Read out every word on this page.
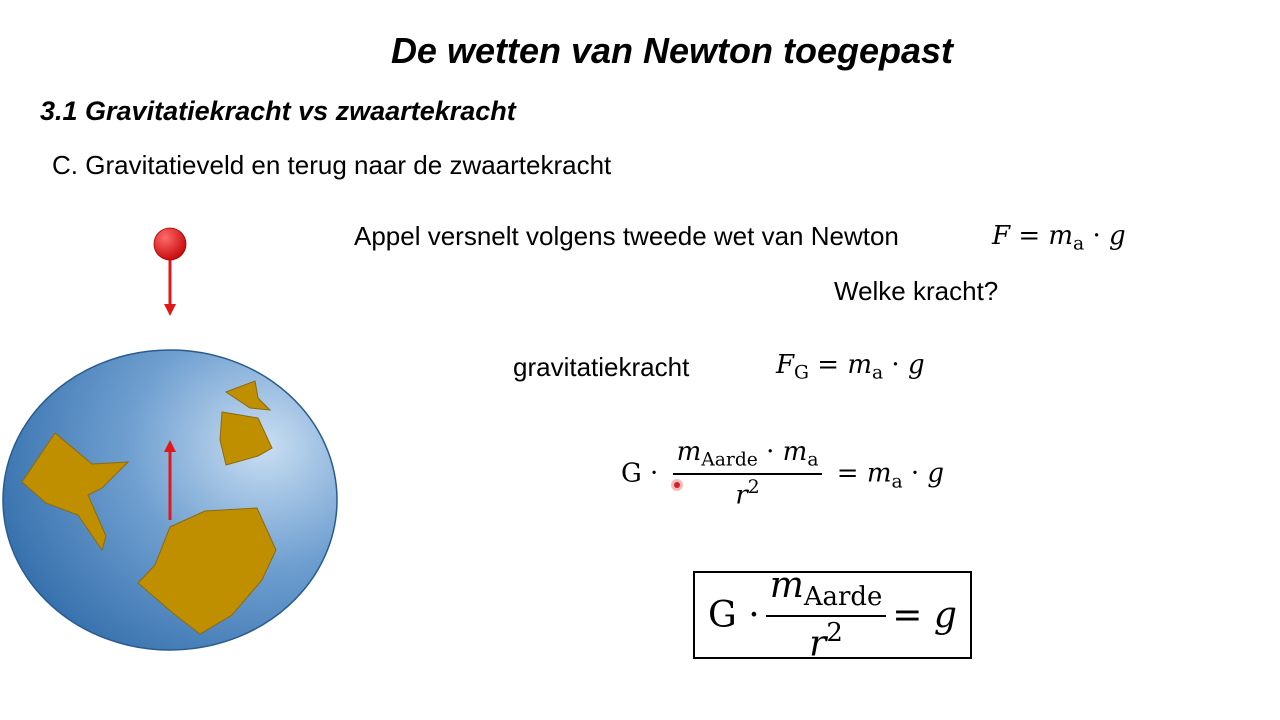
De wetten van Newton toegepast
3.1 Gravitatiekracht vs zwaartekracht
C. Gravitatieveld en terug naar de zwaartekracht
Appel versnelt volgens tweede wet van Newton	$F = m_a \cdot g$
Welke kracht?
gravitatiekracht	$F_G = m_a \cdot g$
$G \cdot \frac{m_{Aarde} \cdot m_a}{r^2} = m_a \cdot g$
G
· $\frac{m_{Aarde}}{r^2}$ =
g
